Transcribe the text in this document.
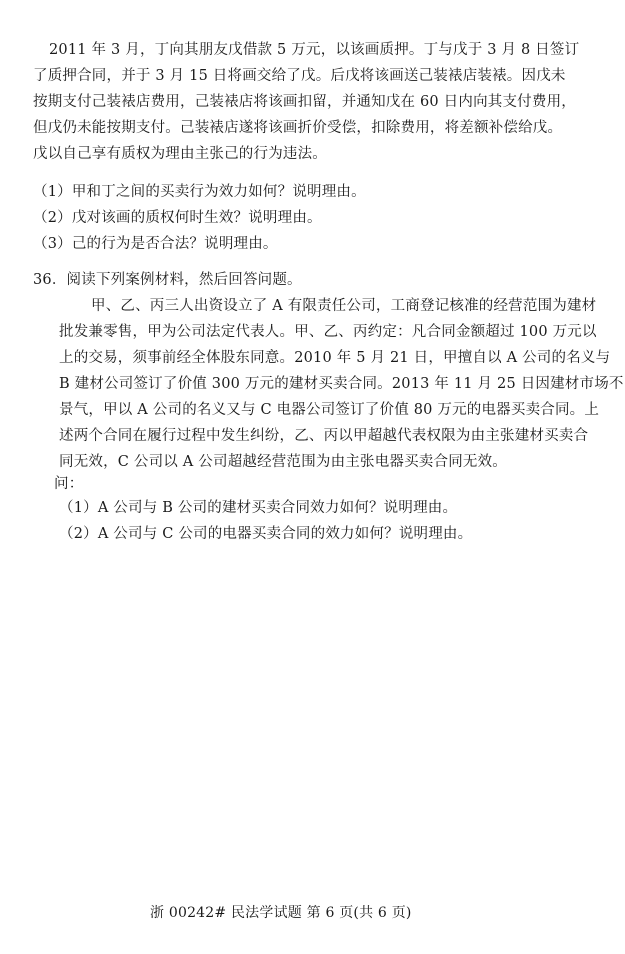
2011 年 3 月，丁向其朋友戊借款 5 万元，以该画质押。丁与戊于 3 月 8 日签订
了质押合同，并于 3 月 15 日将画交给了戊。后戊将该画送己装裱店装裱。因戊未
按期支付己装裱店费用，己装裱店将该画扣留，并通知戊在 60 日内向其支付费用，
但戊仍未能按期支付。己装裱店遂将该画折价受偿，扣除费用，将差额补偿给戊。
戊以自己享有质权为理由主张己的行为违法。
（1）甲和丁之间的买卖行为效力如何？说明理由。
（2）戊对该画的质权何时生效？说明理由。
（3）己的行为是否合法？说明理由。
36．阅读下列案例材料，然后回答问题。
甲、乙、丙三人出资设立了 A 有限责任公司，工商登记核准的经营范围为建材
批发兼零售，甲为公司法定代表人。甲、乙、丙约定：凡合同金额超过 100 万元以
上的交易，须事前经全体股东同意。2010 年 5 月 21 日，甲擅自以 A 公司的名义与
B 建材公司签订了价值 300 万元的建材买卖合同。2013 年 11 月 25 日因建材市场不
景气，甲以 A 公司的名义又与 C 电器公司签订了价值 80 万元的电器买卖合同。上
述两个合同在履行过程中发生纠纷，乙、丙以甲超越代表权限为由主张建材买卖合
同无效，C 公司以 A 公司超越经营范围为由主张电器买卖合同无效。
问：
（1）A 公司与 B 公司的建材买卖合同效力如何？说明理由。
（2）A 公司与 C 公司的电器买卖合同的效力如何？说明理由。
浙 00242# 民法学试题 第 6 页(共 6 页)
